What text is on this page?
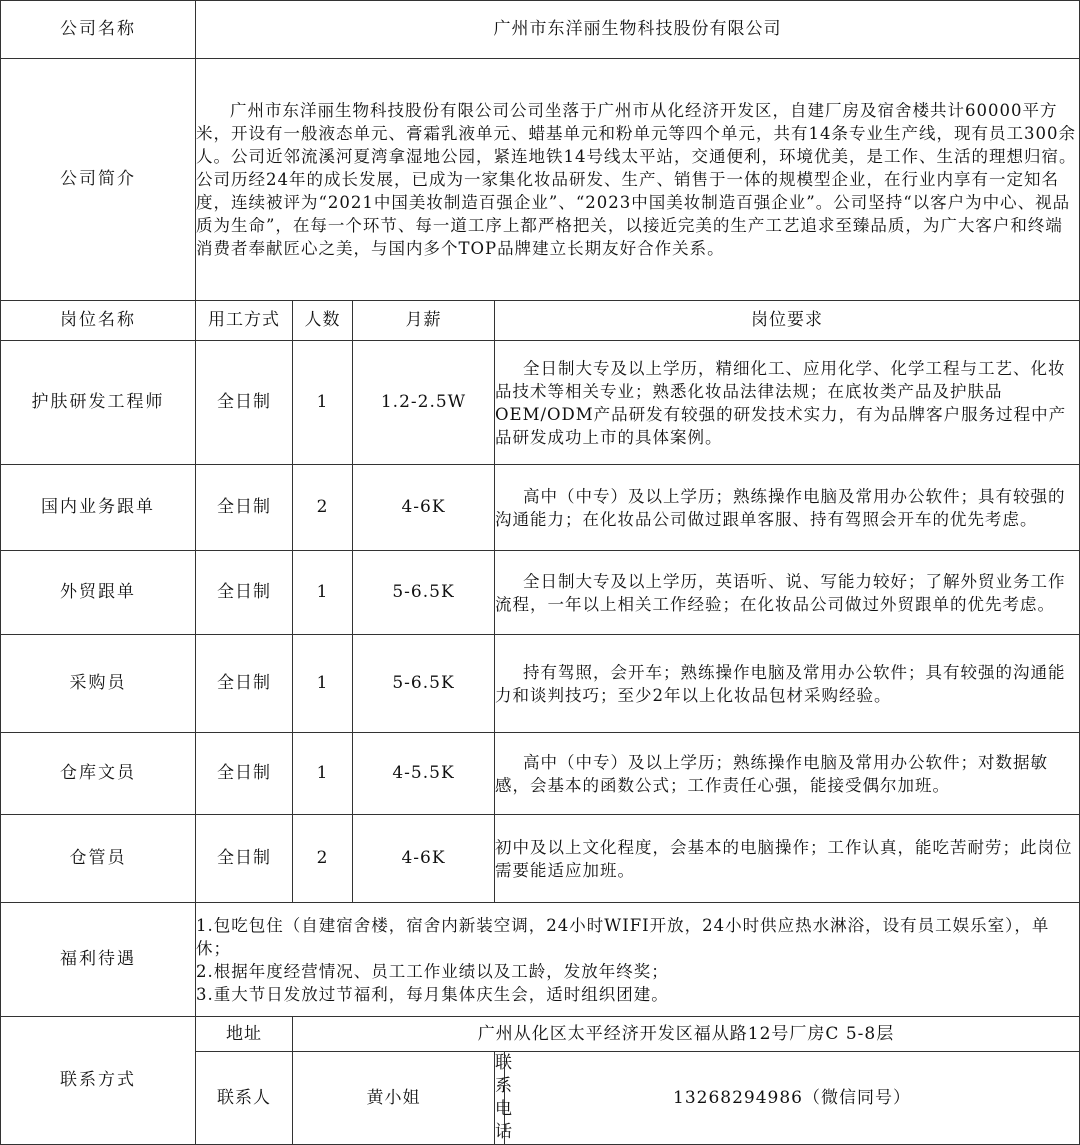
公司名称	广州市东洋丽生物科技股份有限公司				
公司简介	广州市东洋丽生物科技股份有限公司公司坐落于广州市从化经济开发区，自建厂房及宿舍楼共计60000平方米，开设有一般液态单元、膏霜乳液单元、蜡基单元和粉单元等四个单元，共有14条专业生产线，现有员工300余人。公司近邻流溪河夏湾拿湿地公园，紧连地铁14号线太平站，交通便利，环境优美，是工作、生活的理想归宿。公司历经24年的成长发展，已成为一家集化妆品研发、生产、销售于一体的规模型企业，在行业内享有一定知名度，连续被评为“2021中国美妆制造百强企业”、“2023中国美妆制造百强企业”。公司坚持“以客户为中心、视品质为生命”，在每一个环节、每一道工序上都严格把关，以接近完美的生产工艺追求至臻品质，为广大客户和终端消费者奉献匠心之美，与国内多个TOP品牌建立长期友好合作关系。				
岗位名称	用工方式	人数	月薪	岗位要求	
护肤研发工程师	全日制	1	1.2-2.5W	全日制大专及以上学历，精细化工、应用化学、化学工程与工艺、化妆品技术等相关专业；熟悉化妆品法律法规；在底妆类产品及护肤品OEM/ODM产品研发有较强的研发技术实力，有为品牌客户服务过程中产品研发成功上市的具体案例。	
国内业务跟单	全日制	2	4-6K	高中（中专）及以上学历；熟练操作电脑及常用办公软件；具有较强的沟通能力；在化妆品公司做过跟单客服、持有驾照会开车的优先考虑。	
外贸跟单	全日制	1	5-6.5K	全日制大专及以上学历，英语听、说、写能力较好；了解外贸业务工作流程，一年以上相关工作经验；在化妆品公司做过外贸跟单的优先考虑。	
采购员	全日制	1	5-6.5K	持有驾照，会开车；熟练操作电脑及常用办公软件；具有较强的沟通能力和谈判技巧；至少2年以上化妆品包材采购经验。	
仓库文员	全日制	1	4-5.5K	高中（中专）及以上学历；熟练操作电脑及常用办公软件；对数据敏感，会基本的函数公式；工作责任心强，能接受偶尔加班。	
仓管员	全日制	2	4-6K	初中及以上文化程度，会基本的电脑操作；工作认真，能吃苦耐劳；此岗位需要能适应加班。	
福利待遇	1.包吃包住（自建宿舍楼，宿舍内新装空调，24小时WIFI开放，24小时供应热水淋浴，设有员工娱乐室），单休；
2.根据年度经营情况、员工工作业绩以及工龄，发放年终奖；
3.重大节日发放过节福利，每月集体庆生会，适时组织团建。				

联系方式	地址	广州从化区太平经济开发区福从路12号厂房C 5-8层			
	联系人	黄小姐		联系电话	13268294986（微信同号）
